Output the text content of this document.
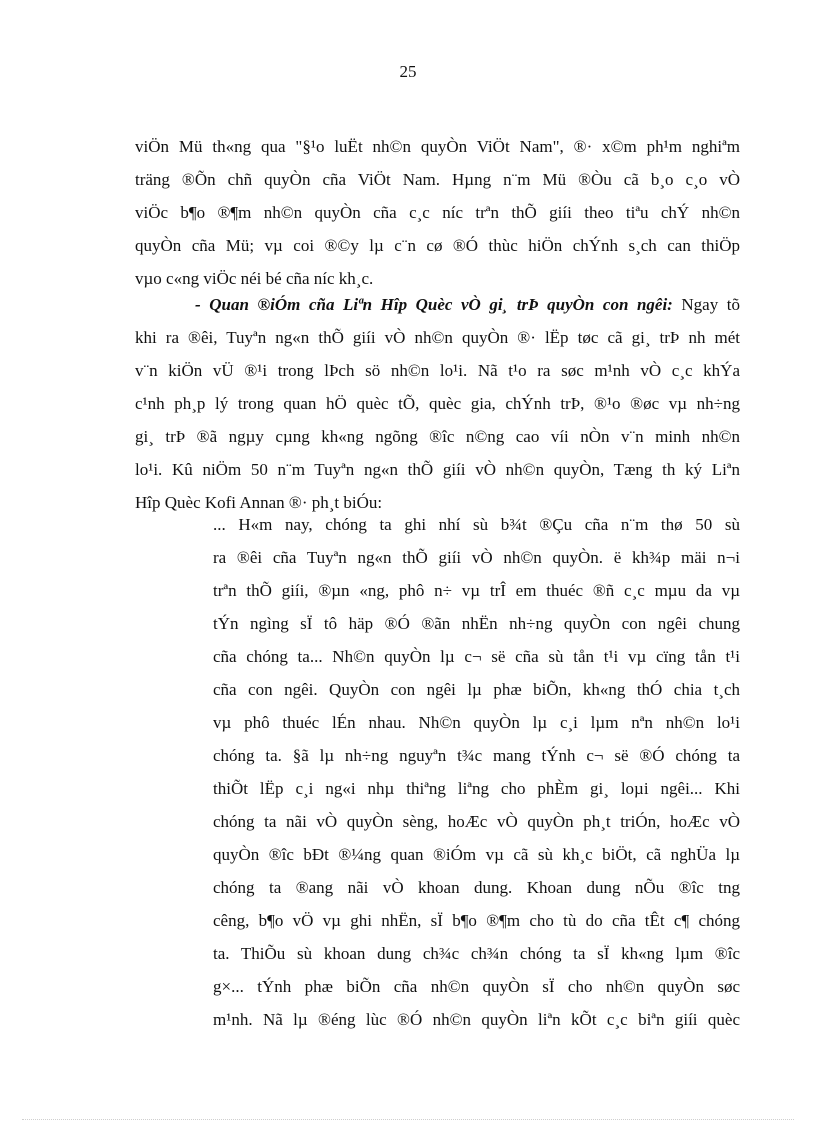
25
viÖn Mü th«ng qua "§¹o luËt nh©n quyÒn ViÖt Nam", ®· x©m ph¹m nghiªm
träng ®Õn chñ quyÒn cña ViÖt Nam. Hµng n¨m Mü ®Òu cã b¸o c¸o vÒ
viÖc b¶o ®¶m nh©n quyÒn cña c¸c níc trªn thÕ giíi theo tiªu chÝ nh©n
quyÒn cña Mü; vµ coi ®©y lµ c¨n cø ®Ó thùc hiÖn chÝnh s¸ch can thiÖp
vµo c«ng viÖc néi bé cña níc kh¸c.
- Quan ®iÓm cña Liªn Hîp Quèc vÒ gi¸ trÞ quyÒn con ngêi: Ngay tõ
khi ra ®êi, Tuyªn ng«n thÕ giíi vÒ nh©n quyÒn ®· lËp tøc cã gi¸ trÞ nh mét
v¨n kiÖn vÜ ®¹i trong lÞch sö nh©n lo¹i. Nã t¹o ra søc m¹nh vÒ c¸c khÝa
c¹nh ph¸p lý trong quan hÖ quèc tÕ, quèc gia, chÝnh trÞ, ®¹o ®øc vµ nh÷ng
gi¸ trÞ ®ã ngµy cµng kh«ng ngõng ®îc n©ng cao víi nÒn v¨n minh nh©n
lo¹i. Kû niÖm 50 n¨m Tuyªn ng«n thÕ giíi vÒ nh©n quyÒn, Tæng th ký Liªn
Hîp Quèc Kofi Annan ®· ph¸t biÓu:
... H«m nay, chóng ta ghi nhí sù b¾t ®Çu cña n¨m thø 50 sù
ra ®êi cña Tuyªn ng«n thÕ giíi vÒ nh©n quyÒn. ë kh¾p mäi n¬i
trªn thÕ giíi, ®µn «ng, phô n÷ vµ trÎ em thuéc ®ñ c¸c mµu da vµ
tÝn ngìng sÏ tô häp ®Ó ®ãn nhËn nh÷ng quyÒn con ngêi chung
cña chóng ta... Nh©n quyÒn lµ c¬ së cña sù tån t¹i vµ cïng tån t¹i
cña con ngêi. QuyÒn con ngêi lµ phæ biÕn, kh«ng thÓ chia t¸ch
vµ phô thuéc lÉn nhau. Nh©n quyÒn lµ c¸i lµm nªn nh©n lo¹i
chóng ta. §ã lµ nh÷ng nguyªn t¾c mang tÝnh c¬ së ®Ó chóng ta
thiÕt lËp c¸i ng«i nhµ thiªng liªng cho phÈm gi¸ loµi ngêi... Khi
chóng ta nãi vÒ quyÒn sèng, hoÆc vÒ quyÒn ph¸t triÓn, hoÆc vÒ
quyÒn ®îc bÐt ®¼ng quan ®iÓm vµ cã sù kh¸c biÖt, cã nghÜa lµ
chóng ta ®ang nãi vÒ khoan dung. Khoan dung nÕu ®îc tng
cêng, b¶o vÖ vµ ghi nhËn, sÏ b¶o ®¶m cho tù do cña tÊt c¶ chóng
ta. ThiÕu sù khoan dung ch¾c ch¾n chóng ta sÏ kh«ng lµm ®îc
g×... tÝnh phæ biÕn cña nh©n quyÒn sÏ cho nh©n quyÒn søc
m¹nh. Nã lµ ®éng lùc ®Ó nh©n quyÒn liªn kÕt c¸c biªn giíi quèc
